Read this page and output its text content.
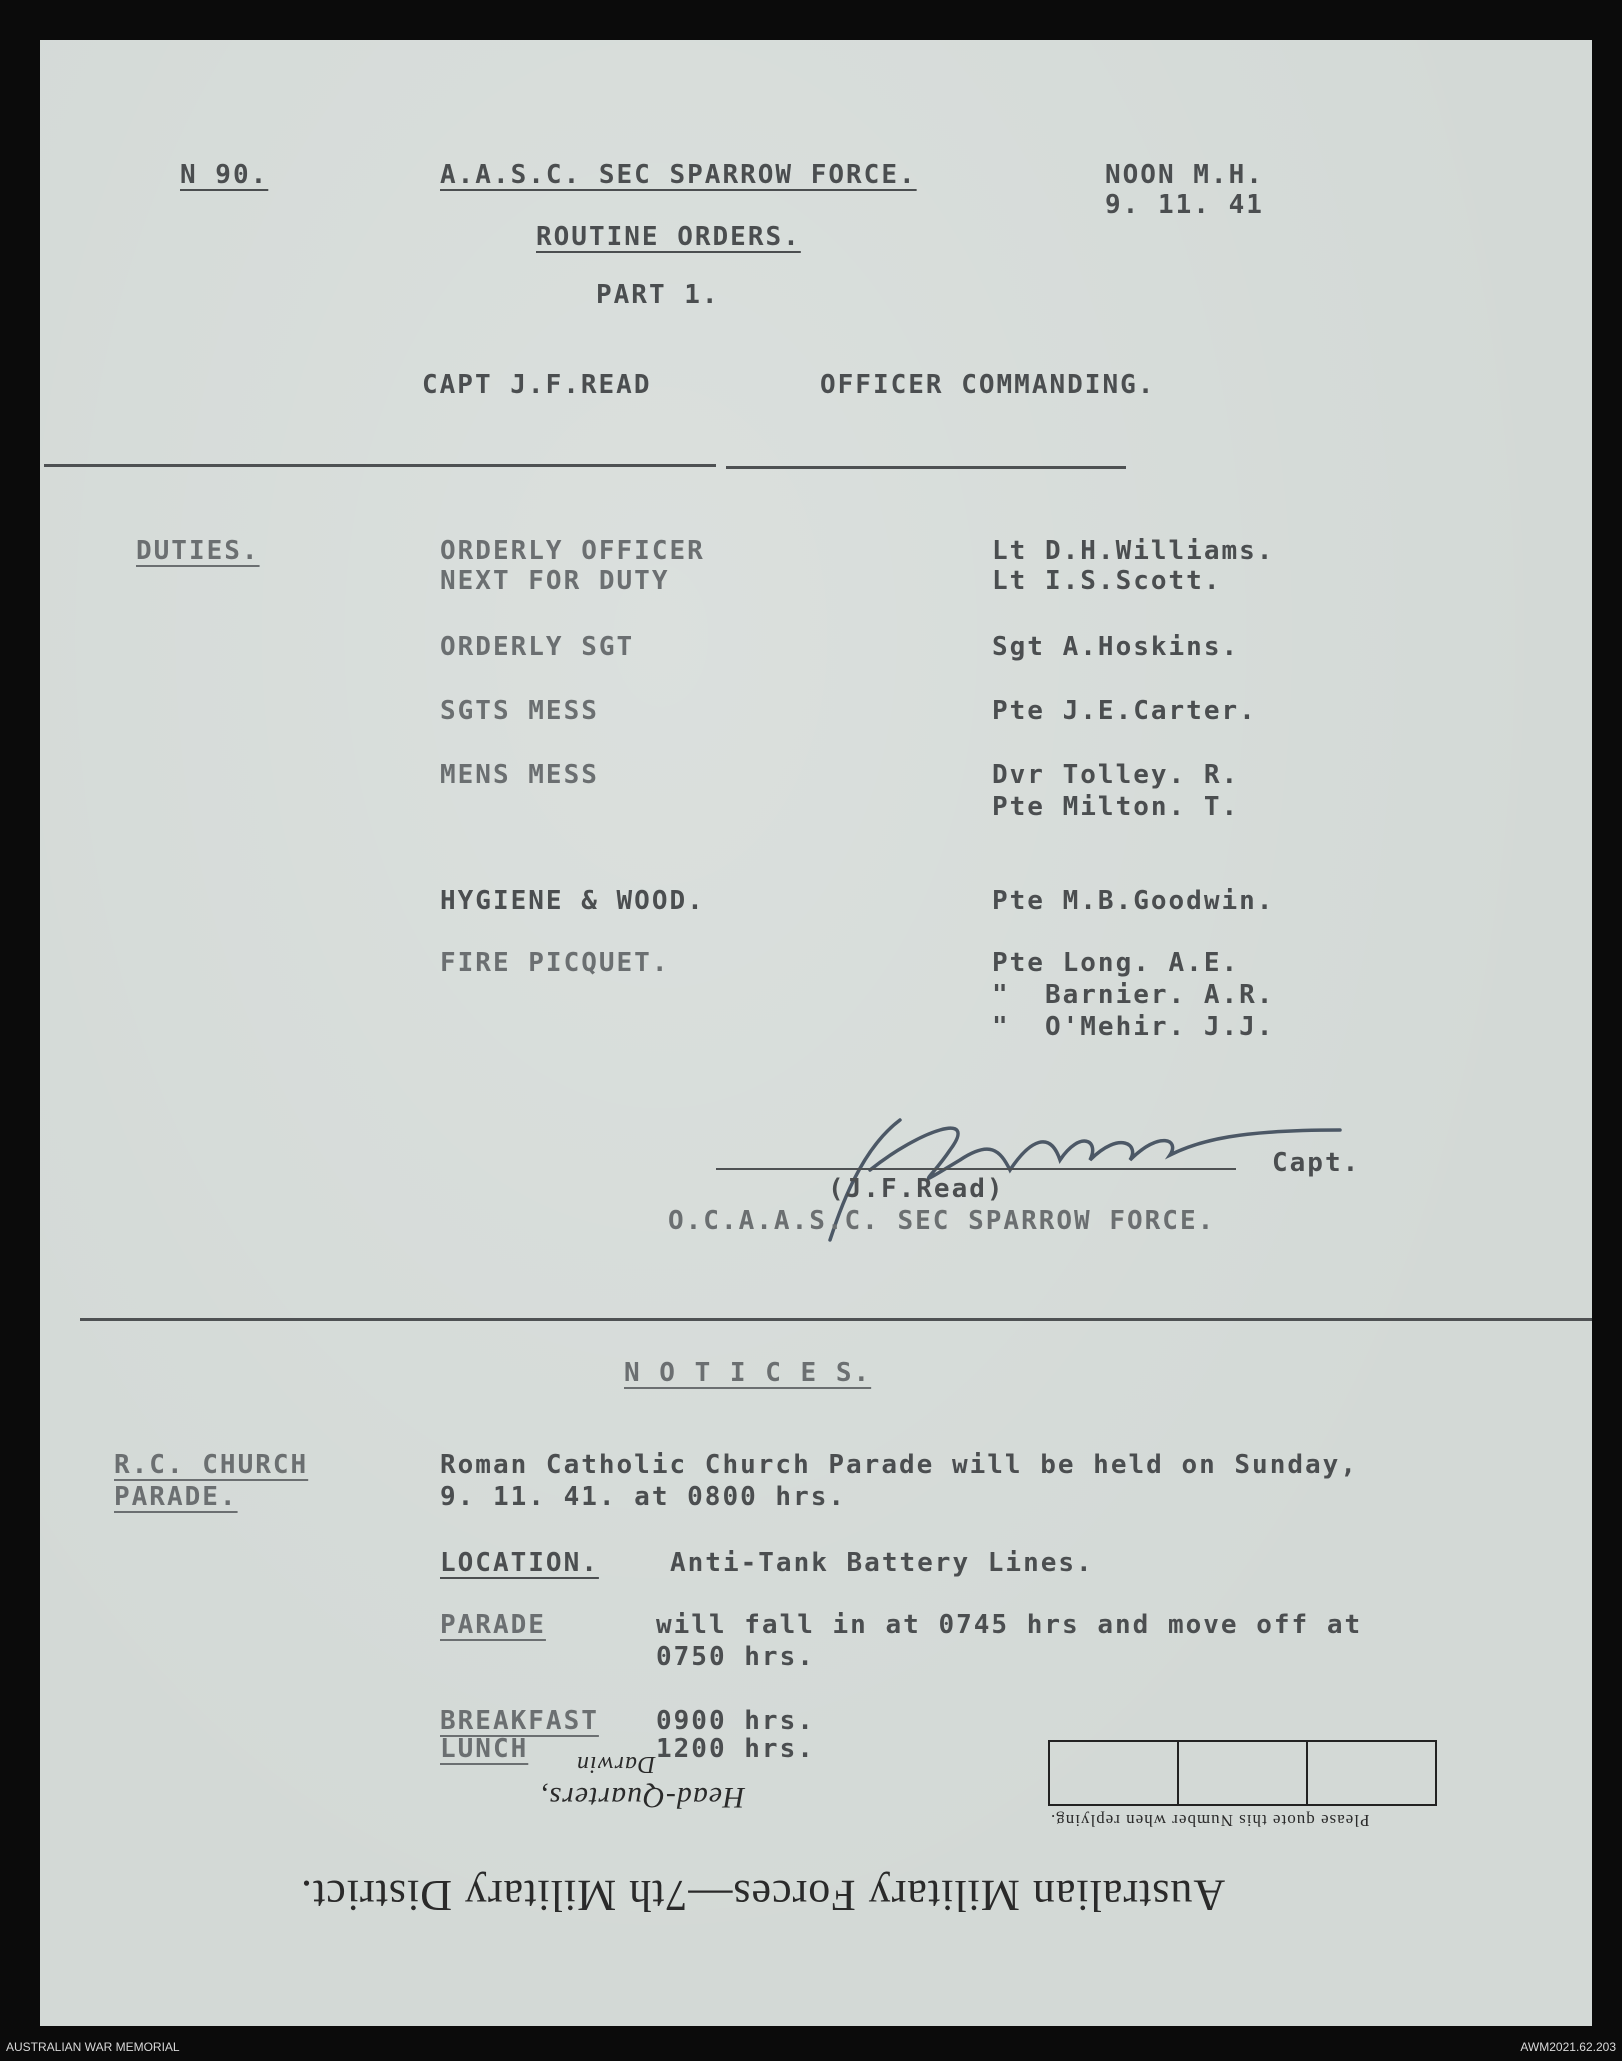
N 90.	A.A.S.C. SEC SPARROW FORCE.	NOON M.H.
9. 11. 41
ROUTINE ORDERS.
PART 1.
CAPT J.F.READ	OFFICER COMMANDING.
DUTIES.	ORDERLY OFFICER	Lt D.H.Williams.
NEXT FOR DUTY	Lt I.S.Scott.
ORDERLY SGT	Sgt A.Hoskins.
SGTS MESS	Pte J.E.Carter.
MENS MESS	Dvr Tolley. R.
Pte Milton. T.
HYGIENE & WOOD.	Pte M.B.Goodwin.
FIRE PICQUET.	Pte Long. A.E.
"  Barnier. A.R.
"  O'Mehir. J.J.
Capt.
(J.F.Read)
O.C.A.A.S.C. SEC SPARROW FORCE.
N O T I C E S.
R.C. CHURCH
PARADE.
Roman Catholic Church Parade will be held on Sunday,
9. 11. 41. at 0800 hrs.
LOCATION.	Anti-Tank Battery Lines.
PARADE	will fall in at 0745 hrs and move off at
0750 hrs.
BREAKFAST 0900 hrs.
LUNCH	1200 hrs.
Please quote this Number when replying.
Darwin
Head-Quarters,
Australian Military Forces—7th Military District.
AUSTRALIAN WAR MEMORIAL	AWM2021.62.203
